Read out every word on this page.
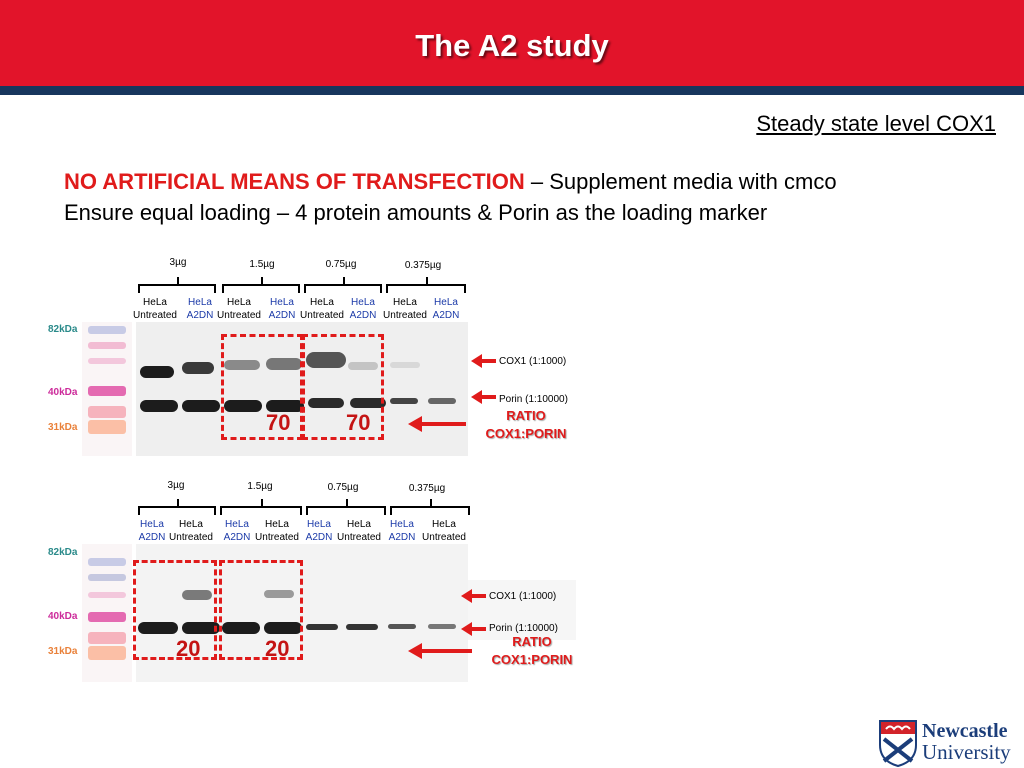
The A2 study
Steady state level COX1
NO ARTIFICIAL MEANS OF TRANSFECTION – Supplement media with cmco
Ensure equal loading – 4 protein amounts & Porin as the loading marker
82kDa
40kDa
31kDa
3µg	1.5µg	0.75µg	0.375µg
HeLa
Untreated
HeLa
A2DN
HeLa
Untreated
HeLa
A2DN
HeLa
Untreated
HeLa
A2DN
HeLa
Untreated
HeLa
A2DN
70	70
COX1 (1:1000)
Porin (1:10000)
RATIO
COX1:PORIN
82kDa
40kDa
31kDa
3µg	1.5µg	0.75µg	0.375µg
HeLa
A2DN
HeLa
Untreated
HeLa
A2DN
HeLa
Untreated
HeLa
A2DN
HeLa
Untreated
HeLa
A2DN
HeLa
Untreated
20	20
COX1 (1:1000)
Porin (1:10000)
RATIO
COX1:PORIN
Newcastle
University
